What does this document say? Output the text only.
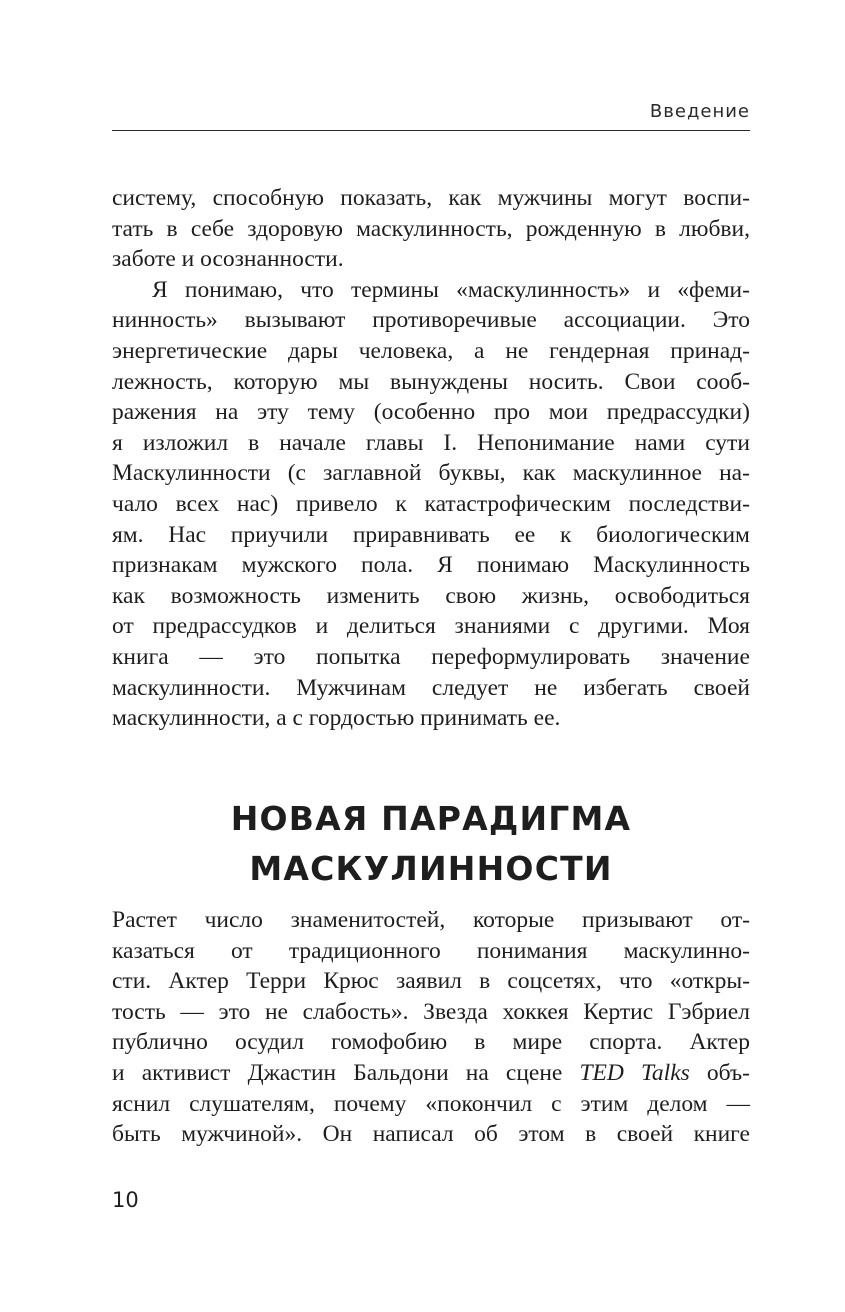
Введение
систему, способную показать, как мужчины могут воспи-
тать в себе здоровую маскулинность, рожденную в любви,
заботе и осознанности.
Я понимаю, что термины «маскулинность» и «феми-
нинность» вызывают противоречивые ассоциации. Это
энергетические дары человека, а не гендерная принад-
лежность, которую мы вынуждены носить. Свои сооб-
ражения на эту тему (особенно про мои предрассудки)
я изложил в начале главы I. Непонимание нами сути
Маскулинности (с заглавной буквы, как маскулинное на-
чало всех нас) привело к катастрофическим последстви-
ям. Нас приучили приравнивать ее к биологическим
признакам мужского пола. Я понимаю Маскулинность
как возможность изменить свою жизнь, освободиться
от предрассудков и делиться знаниями с другими. Моя
книга — это попытка переформулировать значение
маскулинности. Мужчинам следует не избегать своей
маскулинности, а с гордостью принимать ее.
НОВАЯ ПАРАДИГМА
МАСКУЛИННОСТИ
Растет число знаменитостей, которые призывают от-
казаться от традиционного понимания маскулинно-
сти. Актер Терри Крюс заявил в соцсетях, что «откры-
тость — это не слабость». Звезда хоккея Кертис Гэбриел
публично осудил гомофобию в мире спорта. Актер
и активист Джастин Бальдони на сцене TED Talks объ-
яснил слушателям, почему «покончил с этим делом —
быть мужчиной». Он написал об этом в своей книге
10
